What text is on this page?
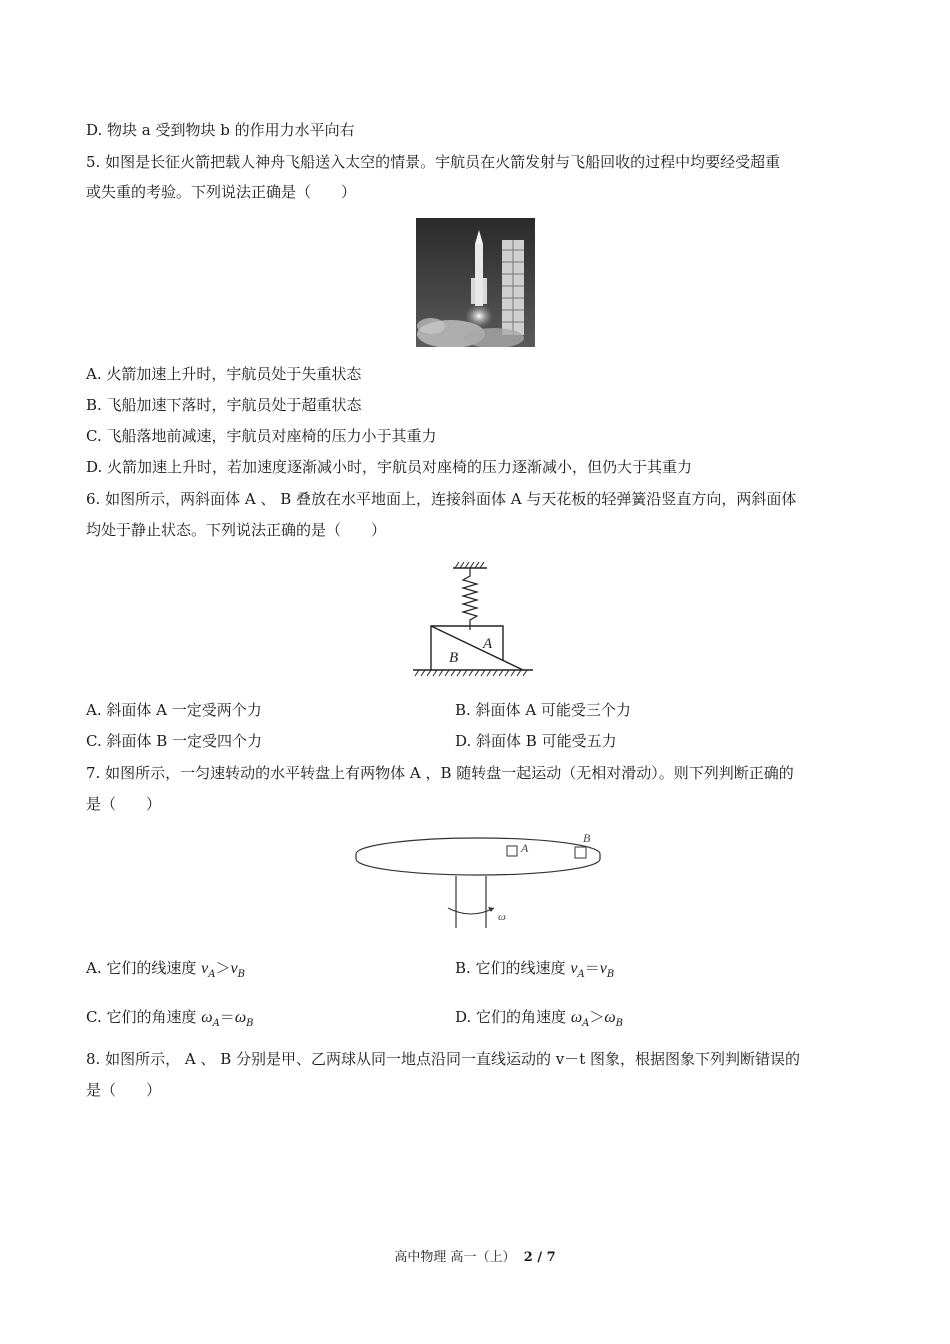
D. 物块 a 受到物块 b 的作用力水平向右
5. 如图是长征火箭把载人神舟飞船送入太空的情景。宇航员在火箭发射与飞船回收的过程中均要经受超重
或失重的考验。下列说法正确是（　　）
A. 火箭加速上升时，宇航员处于失重状态
B. 飞船加速下落时，宇航员处于超重状态
C. 飞船落地前减速，宇航员对座椅的压力小于其重力
D. 火箭加速上升时，若加速度逐渐减小时，宇航员对座椅的压力逐渐减小，但仍大于其重力
6. 如图所示，两斜面体 A 、 B 叠放在水平地面上，连接斜面体 A 与天花板的轻弹簧沿竖直方向，两斜面体
均处于静止状态。下列说法正确的是（　　）
A
B
A. 斜面体 A 一定受两个力	B. 斜面体 A 可能受三个力
C. 斜面体 B 一定受四个力	D. 斜面体 B 可能受五力
7. 如图所示，一匀速转动的水平转盘上有两物体 A ，B 随转盘一起运动（无相对滑动）。则下列判断正确的
是（　　）
A
B
ω
A. 它们的线速度 $v_A>v_B$	B. 它们的线速度 $v_A=v_B$
C. 它们的角速度 $\omega_A=\omega_B$	D. 它们的角速度 $\omega_A>\omega_B$
8. 如图所示， A 、 B 分别是甲、乙两球从同一地点沿同一直线运动的 v－t 图象，根据图象下列判断错误的
是（　　）
高中物理 高一（上） 2 / 7
